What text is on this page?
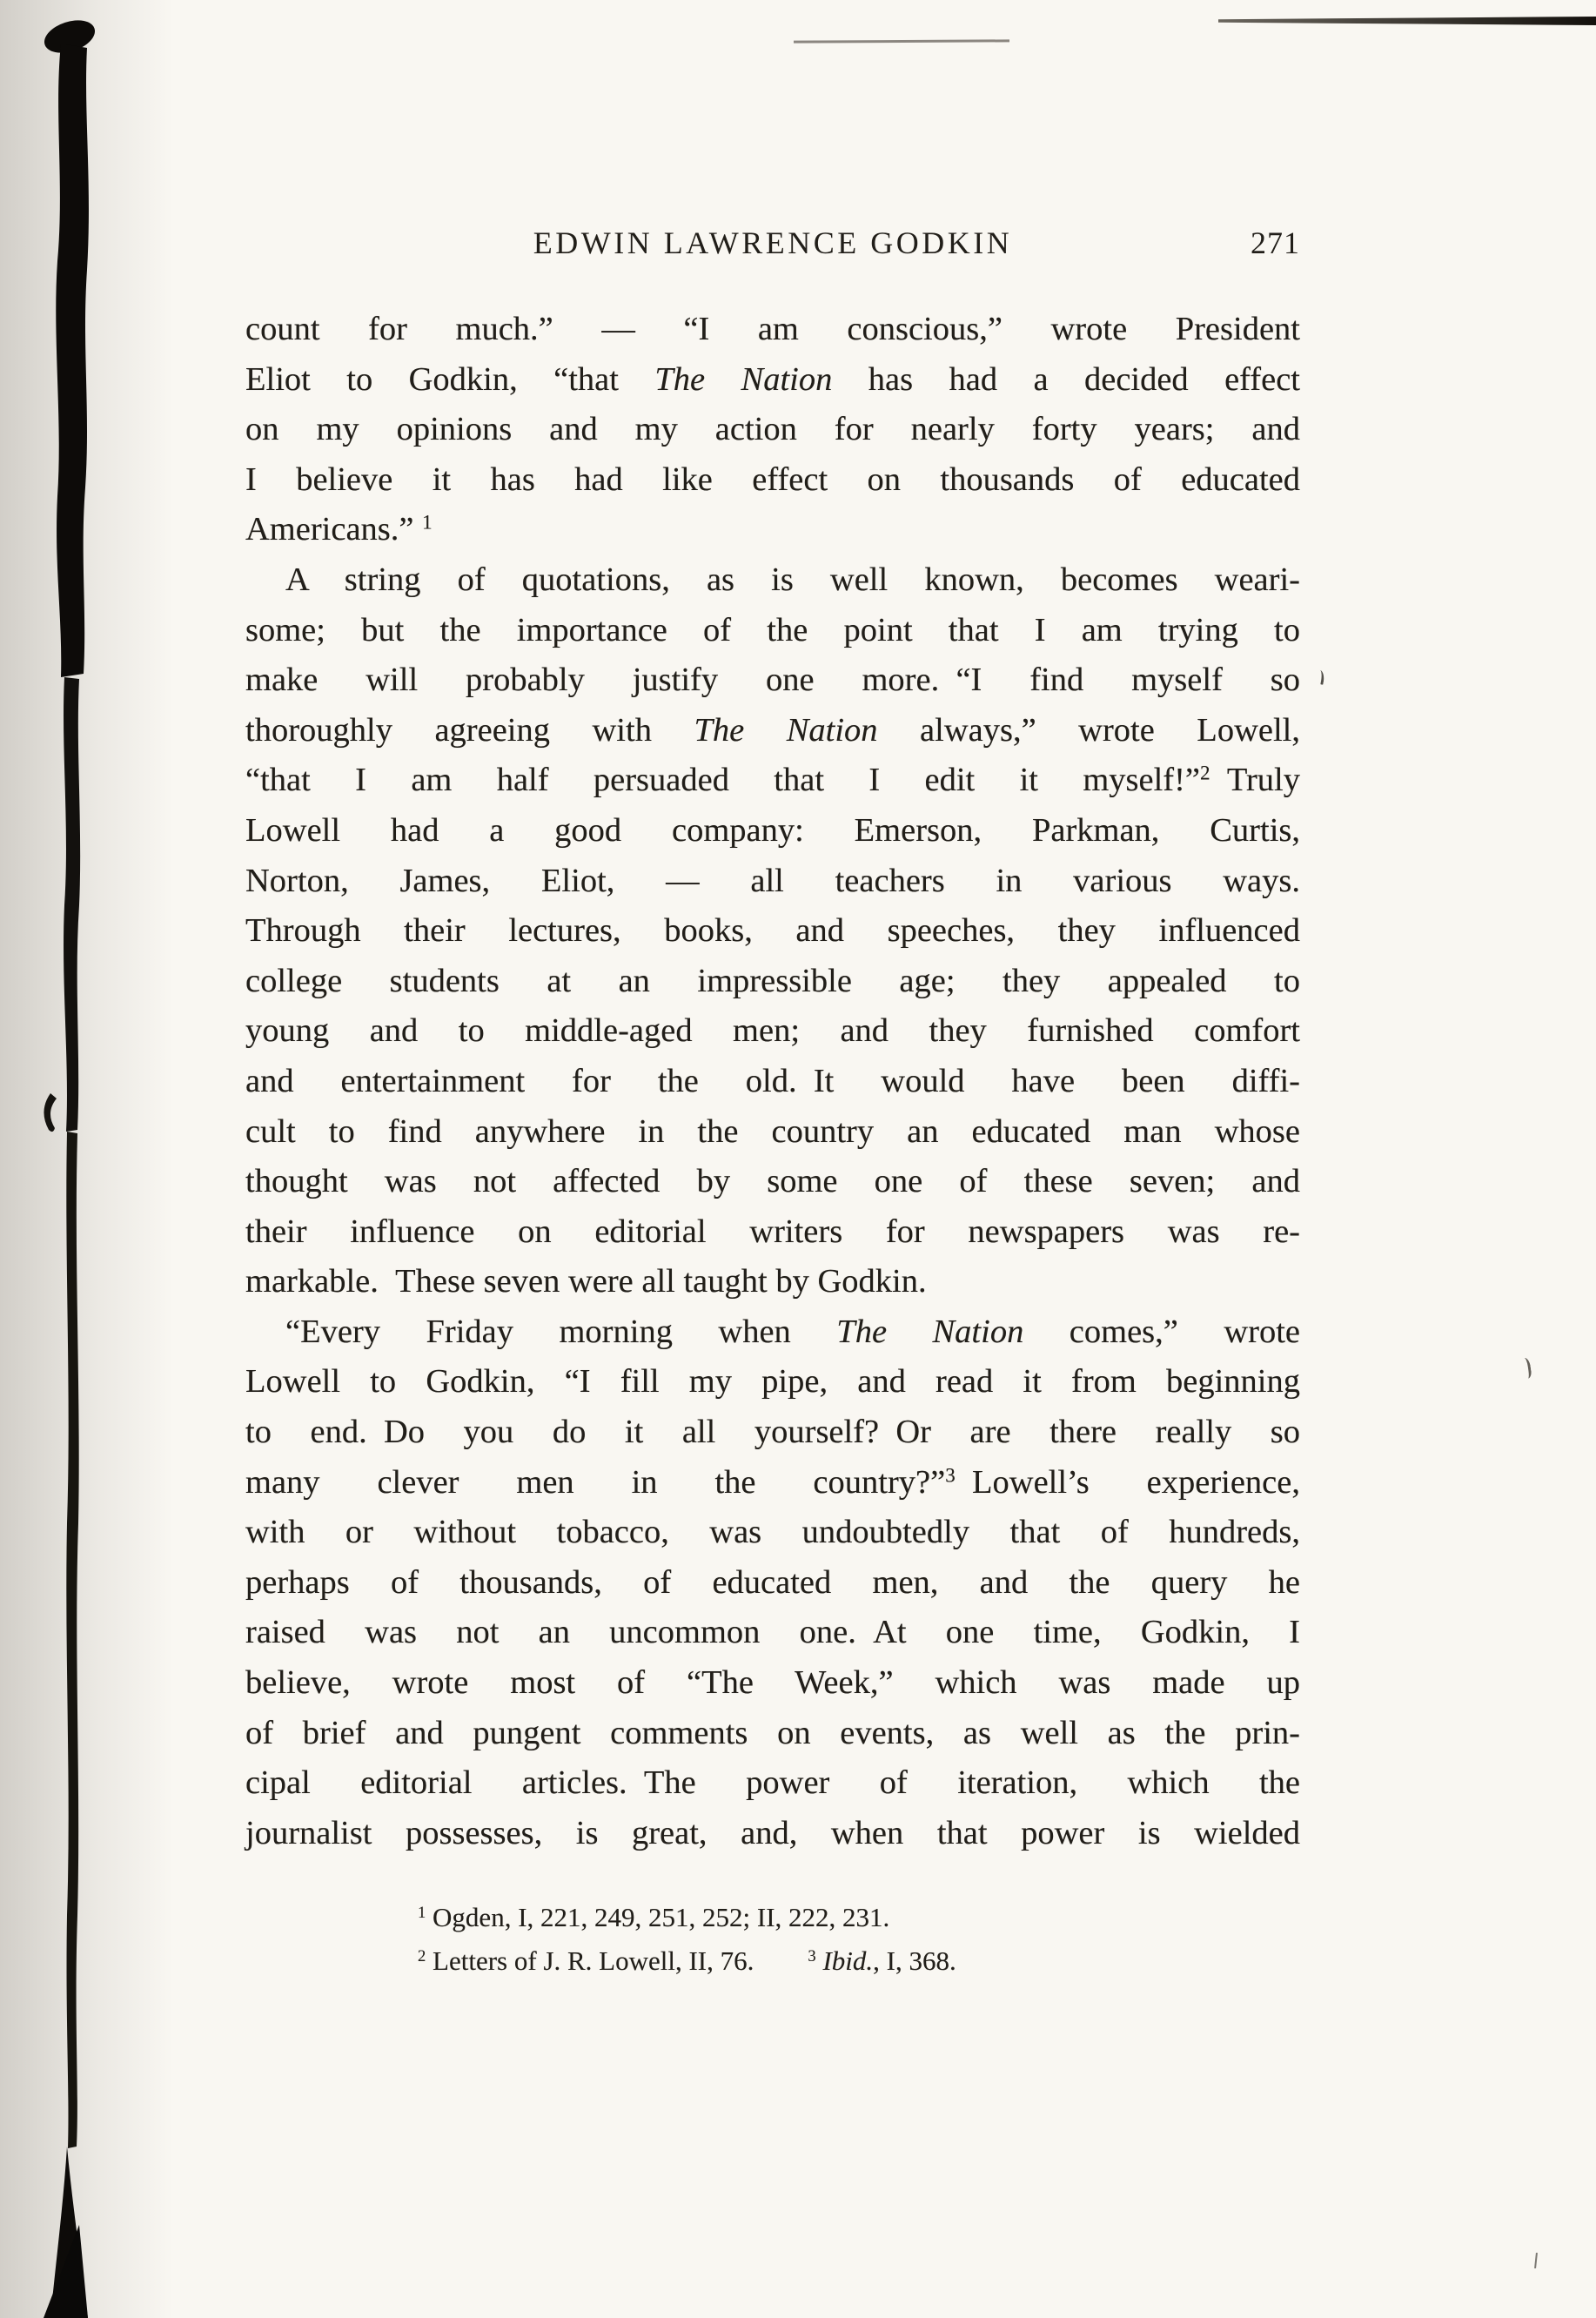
EDWIN LAWRENCE GODKIN	271
count for much.” — “I am conscious,” wrote President
Eliot to Godkin, “that The Nation has had a decided effect
on my opinions and my action for nearly forty years; and
I believe it has had like effect on thousands of educated
Americans.” $^1$
A string of quotations, as is well known, becomes weari-
some; but the importance of the point that I am trying to
make will probably justify one more. “I find myself so
thoroughly agreeing with The Nation always,” wrote Lowell,
“that I am half persuaded that I edit it myself!”$^2$ Truly
Lowell had a good company: Emerson, Parkman, Curtis,
Norton, James, Eliot, — all teachers in various ways.
Through their lectures, books, and speeches, they influenced
college students at an impressible age; they appealed to
young and to middle-aged men; and they furnished comfort
and entertainment for the old. It would have been diffi-
cult to find anywhere in the country an educated man whose
thought was not affected by some one of these seven; and
their influence on editorial writers for newspapers was re-
markable. These seven were all taught by Godkin.
“Every Friday morning when The Nation comes,” wrote
Lowell to Godkin, “I fill my pipe, and read it from beginning
to end. Do you do it all yourself? Or are there really so
many clever men in the country?”$^3$ Lowell’s experience,
with or without tobacco, was undoubtedly that of hundreds,
perhaps of thousands, of educated men, and the query he
raised was not an uncommon one. At one time, Godkin, I
believe, wrote most of “The Week,” which was made up
of brief and pungent comments on events, as well as the prin-
cipal editorial articles. The power of iteration, which the
journalist possesses, is great, and, when that power is wielded
$^1$ Ogden, I, 221, 249, 251, 252; II, 222, 231.
$^2$ Letters of J. R. Lowell, II, 76.   	$^3$ Ibid., I, 368.
